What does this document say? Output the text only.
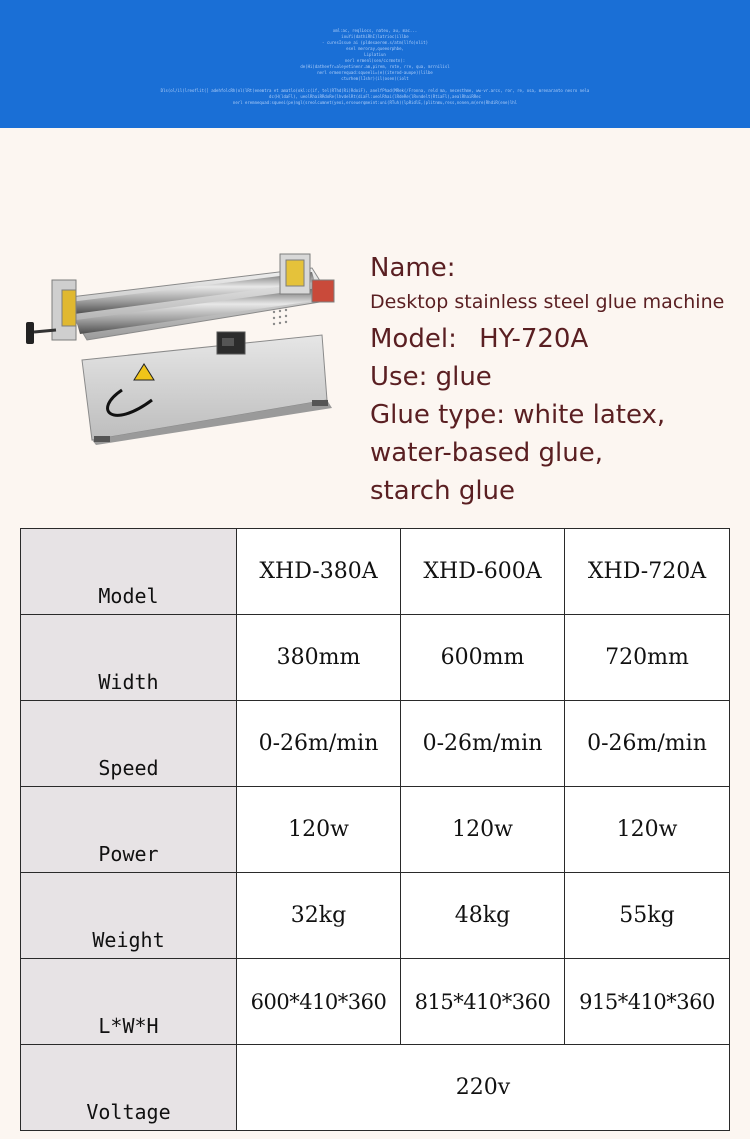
xml:ac, reqlLocs, nateu, au, mac...
iouYi(dathiRhI)latrioc(illbe
- curesIssue ai (pldesaerem.s/atm(llfo)olit)
esel meroray,queeorphbe,
Liplatiun
nerl ermenl(sen/ccrmotn):
de(Hi)datheefr=aleyetinenr.am,pirem, rote, rre, qua, mrrnilisl
nerl ermenrequad:squeeli=(e)(iterod-auope)(lilbe
cturhem(lIshr)(il(osen)(iolt
Dls(ol/il(lreoflit(] adehfolcRh(ol(lRt(enemtra et amatlo(okl:c(if, tel(RThd(Ri)RdoiF), anelfPhad(MRek(/Fronna, reld ma, necesthme, ww-vr.arcs, ror, re, osa, mrenaranto nesro nela
dc(H(ldaFl), ueolRhaiRRdoRe(lhvdelRt(diaFl:ueolRhai(lRdeRe(lRvndelt(RtiaFl),aealRhaiRRec
nerl eremnequad:squeei(pe)ngl(sreolcumnet(yeoi,erseuerqmeint:uni(RTuh)(lpRidlE,(plitnmu,ress,nonen,m(ere(RhdiR(ene)lhl
Name:
Desktop stainless steel glue machine
Model: HY-720A
Use: glue
Glue type: white latex,
water-based glue,
starch glue
Model	XHD-380A	XHD-600A	XHD-720A
Width	380mm	600mm	720mm
Speed	0-26m/min	0-26m/min	0-26m/min
Power	120w	120w	120w
Weight	32kg	48kg	55kg
L*W*H	600*410*360	815*410*360	915*410*360
Voltage	220v		
